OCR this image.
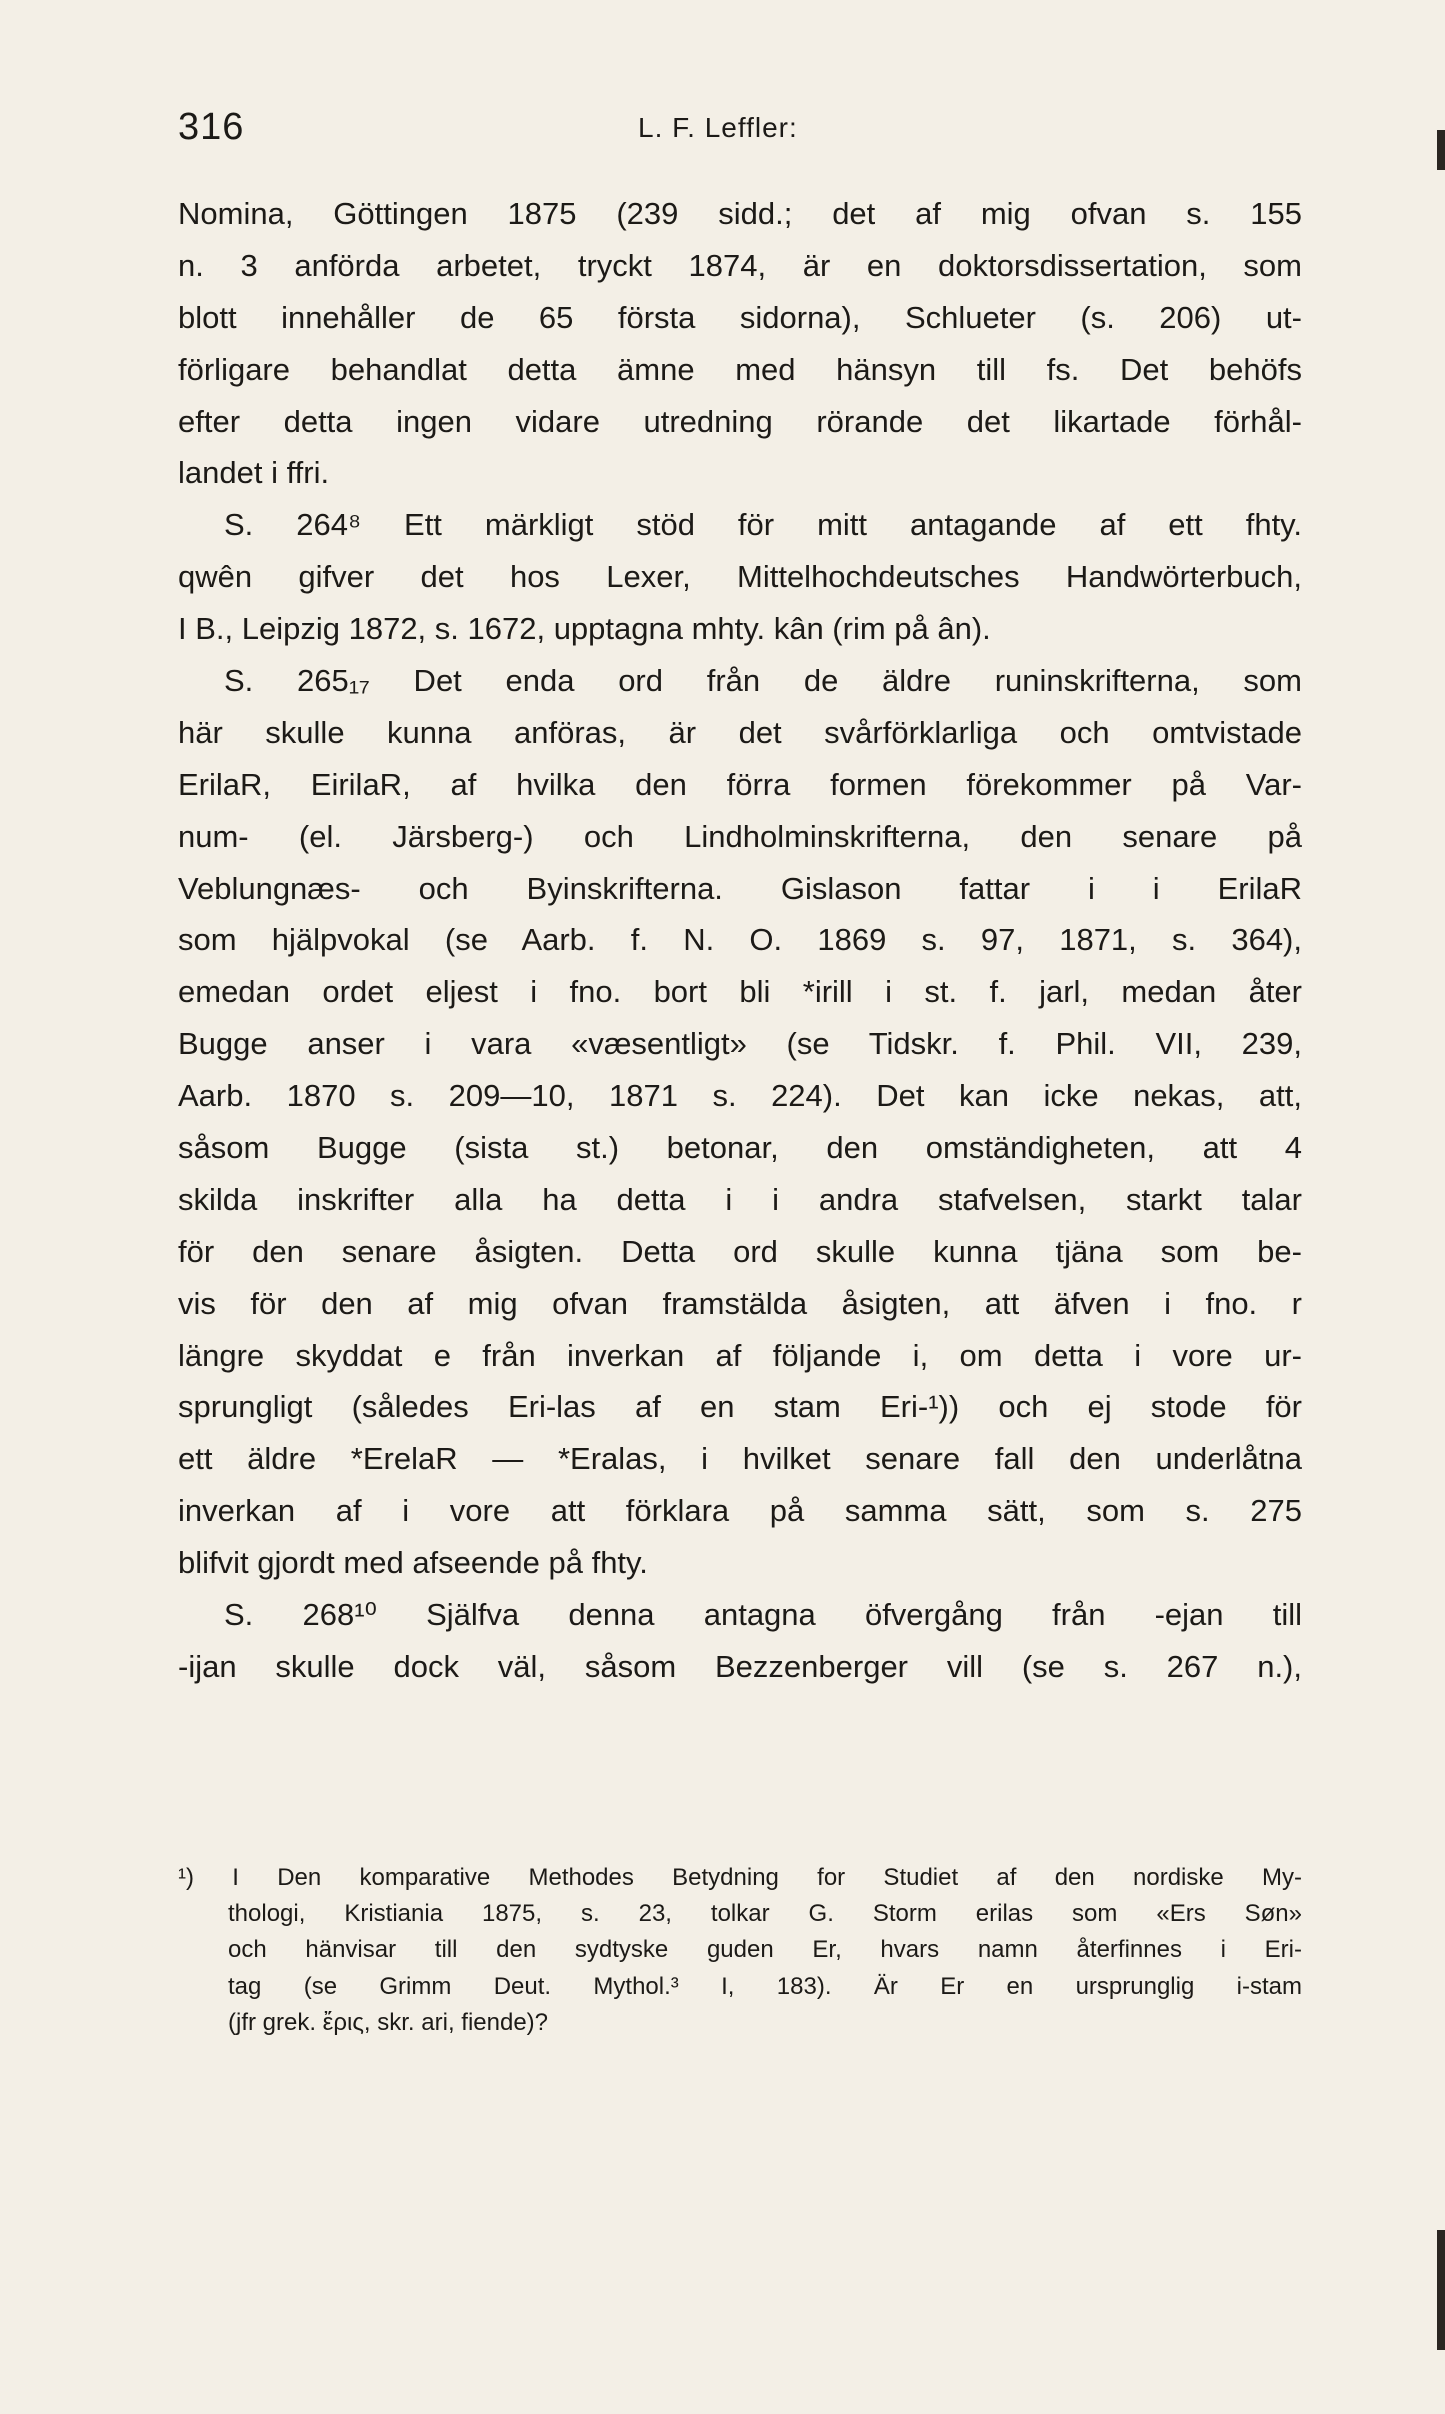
316	L. F. Leffler:
Nomina, Göttingen 1875 (239 sidd.; det af mig ofvan s. 155
n. 3 anförda arbetet, tryckt 1874, är en doktorsdissertation, som
blott innehåller de 65 första sidorna), Schlueter (s. 206) ut-
förligare behandlat detta ämne med hänsyn till fs. Det behöfs
efter detta ingen vidare utredning rörande det likartade förhål-
landet i ffri.
S. 264⁸ Ett märkligt stöd för mitt antagande af ett fhty.
qwên gifver det hos Lexer, Mittelhochdeutsches Handwörterbuch,
I B., Leipzig 1872, s. 1672, upptagna mhty. kân (rim på ân).
S. 265₁₇ Det enda ord från de äldre runinskrifterna, som
här skulle kunna anföras, är det svårförklarliga och omtvistade
ErilaR, EirilaR, af hvilka den förra formen förekommer på Var-
num- (el. Järsberg-) och Lindholminskrifterna, den senare på
Veblungnæs- och Byinskrifterna. Gislason fattar i i ErilaR
som hjälpvokal (se Aarb. f. N. O. 1869 s. 97, 1871, s. 364),
emedan ordet eljest i fno. bort bli *irill i st. f. jarl, medan åter
Bugge anser i vara «væsentligt» (se Tidskr. f. Phil. VII, 239,
Aarb. 1870 s. 209—10, 1871 s. 224). Det kan icke nekas, att,
såsom Bugge (sista st.) betonar, den omständigheten, att 4
skilda inskrifter alla ha detta i i andra stafvelsen, starkt talar
för den senare åsigten. Detta ord skulle kunna tjäna som be-
vis för den af mig ofvan framstälda åsigten, att äfven i fno. r
längre skyddat e från inverkan af följande i, om detta i vore ur-
sprungligt (således Eri-las af en stam Eri-¹)) och ej stode för
ett äldre *ErelaR — *Eralas, i hvilket senare fall den underlåtna
inverkan af i vore att förklara på samma sätt, som s. 275
blifvit gjordt med afseende på fhty.
S. 268¹⁰ Själfva denna antagna öfvergång från -ejan till
-ijan skulle dock väl, såsom Bezzenberger vill (se s. 267 n.),
¹) I Den komparative Methodes Betydning for Studiet af den nordiske My-
thologi, Kristiania 1875, s. 23, tolkar G. Storm erilas som «Ers Søn»
och hänvisar till den sydtyske guden Er, hvars namn återfinnes i Eri-
tag (se Grimm Deut. Mythol.³ I, 183). Är Er en ursprunglig i-stam
(jfr grek. ἔρις, skr. ari, fiende)?
